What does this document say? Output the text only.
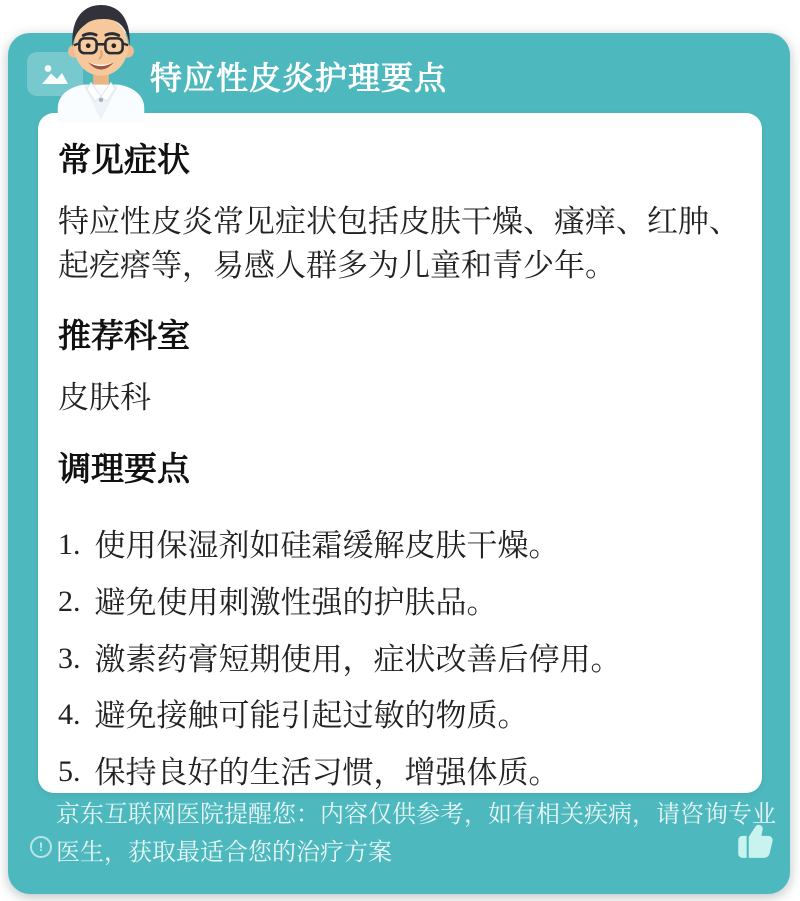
特应性皮炎护理要点
常见症状

特应性皮炎常见症状包括皮肤干燥、瘙痒、红肿、起疙瘩等，易感人群多为儿童和青少年。

推荐科室

皮肤科

调理要点
1. 使用保湿剂如硅霜缓解皮肤干燥。
2. 避免使用刺激性强的护肤品。
3. 激素药膏短期使用，症状改善后停用。
4. 避免接触可能引起过敏的物质。
5. 保持良好的生活习惯，增强体质。
!

京东互联网医院提醒您：内容仅供参考，如有相关疾病，请咨询专业医生，获取最适合您的治疗方案
